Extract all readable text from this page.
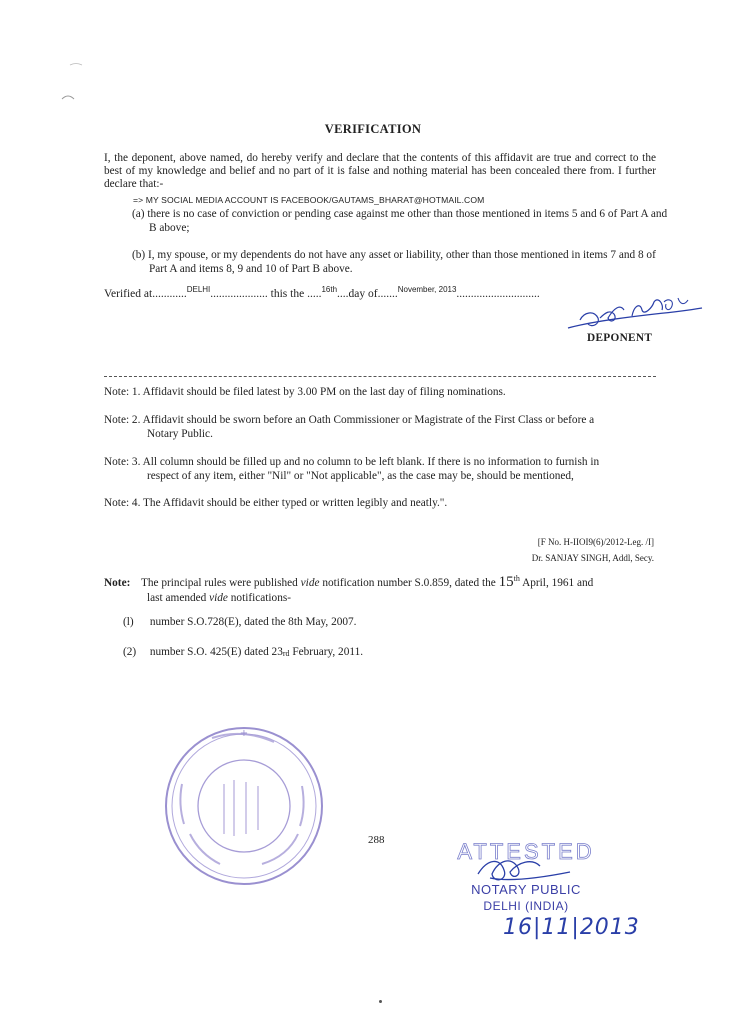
VERIFICATION
I, the deponent, above named, do hereby verify and declare that the contents of this affidavit are true and correct to the best of my knowledge and belief and no part of it is false and nothing material has been concealed there from. I further declare that:-
=> MY SOCIAL MEDIA ACCOUNT IS FACEBOOK/GAUTAMS_BHARAT@HOTMAIL.COM
(a) there is no case of conviction or pending case against me other than those mentioned in items 5 and 6 of Part A and B above;
(b) I, my spouse, or my dependents do not have any asset or liability, other than those mentioned in items 7 and 8 of Part A and items 8, 9 and 10 of Part B above.
Verified at............$^{DELHI}$.................... this the .....$^{16th}$....day of.......$^{November, 2013}$.............................
DEPONENT
Note: 1. Affidavit should be filed latest by 3.00 PM on the last day of filing nominations.
Note: 2. Affidavit should be sworn before an Oath Commissioner or Magistrate of the First Class or before a
Notary Public.
Note: 3. All column should be filled up and no column to be left blank. If there is no information to furnish in
respect of any item, either "Nil" or "Not applicable", as the case may be, should be mentioned,
Note: 4. The Affidavit should be either typed or written legibly and neatly.".
[F No. H-IIOI9(6)/2012-Leg. /I]
Dr. SANJAY SINGH, Addl, Secy.
Note: The principal rules were published vide notification number S.0.859, dated the 15th April, 1961 and
last amended vide notifications-
(l) number S.O.728(E), dated the 8th May, 2007.
(2) number S.O. 425(E) dated 23rd February, 2011.
+
288	ATTESTED
NOTARY PUBLIC
DELHI (INDIA)
16|11|2013
